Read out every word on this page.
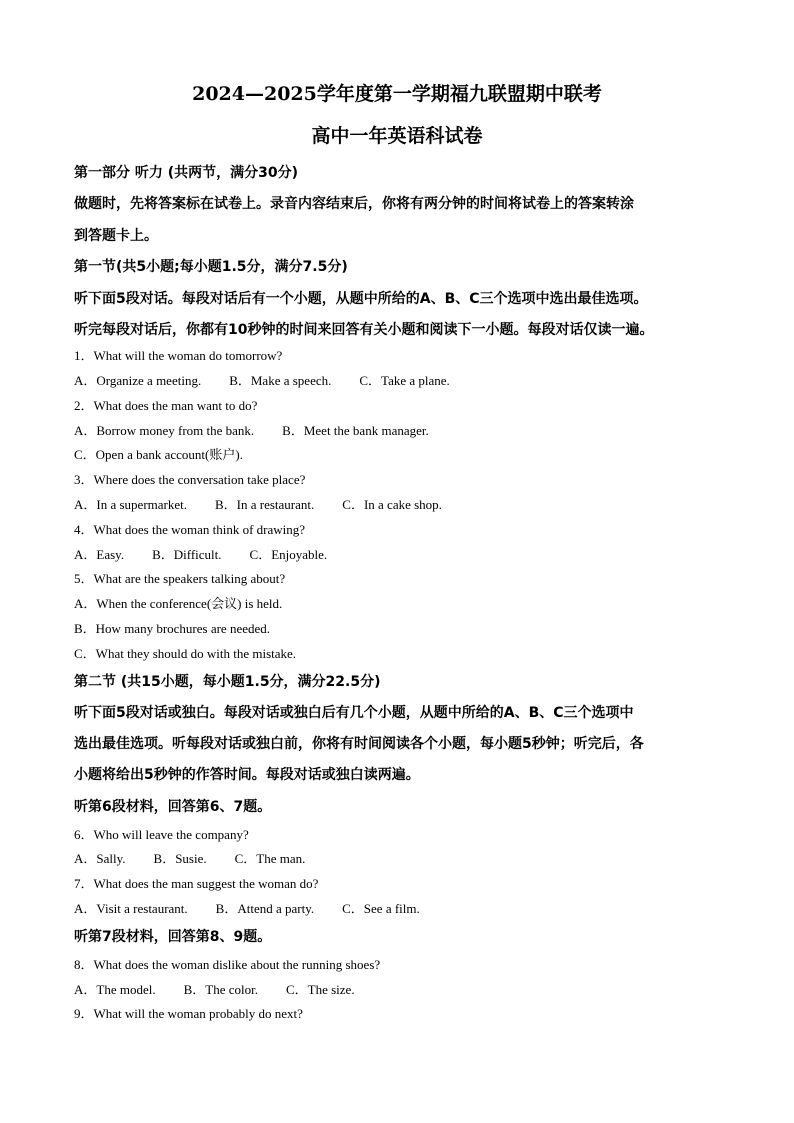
2024—2025学年度第一学期福九联盟期中联考
高中一年英语科试卷
第一部分 听力 (共两节，满分30分)
做题时，先将答案标在试卷上。录音内容结束后，你将有两分钟的时间将试卷上的答案转涂
到答题卡上。
第一节(共5小题;每小题1.5分，满分7.5分)
听下面5段对话。每段对话后有一个小题，从题中所给的A、B、C三个选项中选出最佳选项。
听完每段对话后，你都有10秒钟的时间来回答有关小题和阅读下一小题。每段对话仅读一遍。
1．What will the woman do tomorrow?
A．Organize a meeting. B．Make a speech. C．Take a plane.
2．What does the man want to do?
A．Borrow money from the bank. B．Meet the bank manager.
C．Open a bank account(账户).
3．Where does the conversation take place?
A．In a supermarket. B．In a restaurant. C．In a cake shop.
4．What does the woman think of drawing?
A．Easy. B．Difficult. C．Enjoyable.
5．What are the speakers talking about?
A．When the conference(会议) is held.
B．How many brochures are needed.
C．What they should do with the mistake.
第二节 (共15小题，每小题1.5分，满分22.5分)
听下面5段对话或独白。每段对话或独白后有几个小题，从题中所给的A、B、C三个选项中
选出最佳选项。听每段对话或独白前，你将有时间阅读各个小题，每小题5秒钟；听完后，各
小题将给出5秒钟的作答时间。每段对话或独白读两遍。
听第6段材料，回答第6、7题。
6．Who will leave the company?
A．Sally. B．Susie. C．The man.
7．What does the man suggest the woman do?
A．Visit a restaurant. B．Attend a party. C．See a film.
听第7段材料，回答第8、9题。
8．What does the woman dislike about the running shoes?
A．The model. B．The color. C．The size.
9．What will the woman probably do next?
